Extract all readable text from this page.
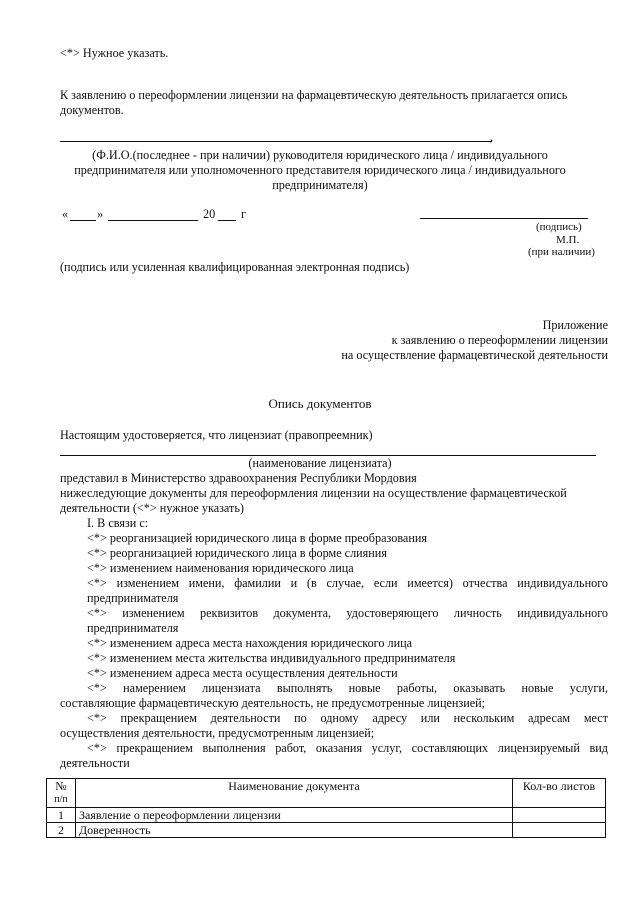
<*> Нужное указать.
К заявлению о переоформлении лицензии на фармацевтическую деятельность прилагается опись
документов.
,
(Ф.И.О.(последнее - при наличии) руководителя юридического лица / индивидуального
предпринимателя или уполномоченного представителя юридического лица / индивидуального
предпринимателя)
« »	20 г
(подпись)
М.П.
(при наличии)
(подпись или усиленная квалифицированная электронная подпись)
Приложение
к заявлению о переоформлении лицензии
на осуществление фармацевтической деятельности
Опись документов
Настоящим удостоверяется, что лицензиат (правопреемник)
(наименование лицензиата)
представил в Министерство здравоохранения Республики Мордовия
нижеследующие документы для переоформления лицензии на осуществление фармацевтической
деятельности (<*> нужное указать)
I. В связи с:
<*> реорганизацией юридического лица в форме преобразования
<*> реорганизацией юридического лица в форме слияния
<*> изменением наименования юридического лица
<*> изменением имени, фамилии и (в случае, если имеется) отчества индивидуального
предпринимателя
<*> изменением реквизитов документа, удостоверяющего личность индивидуального
предпринимателя
<*> изменением адреса места нахождения юридического лица
<*> изменением места жительства индивидуального предпринимателя
<*> изменением адреса места осуществления деятельности
<*> намерением лицензиата выполнять новые работы, оказывать новые услуги,
составляющие фармацевтическую деятельность, не предусмотренные лицензией;
<*> прекращением деятельности по одному адресу или нескольким адресам мест
осуществления деятельности, предусмотренным лицензией;
<*> прекращением выполнения работ, оказания услуг, составляющих лицензируемый вид
деятельности
№
п/п	Наименование документа	Кол-во листов
1	Заявление о переоформлении лицензии	
2	Доверенность	
